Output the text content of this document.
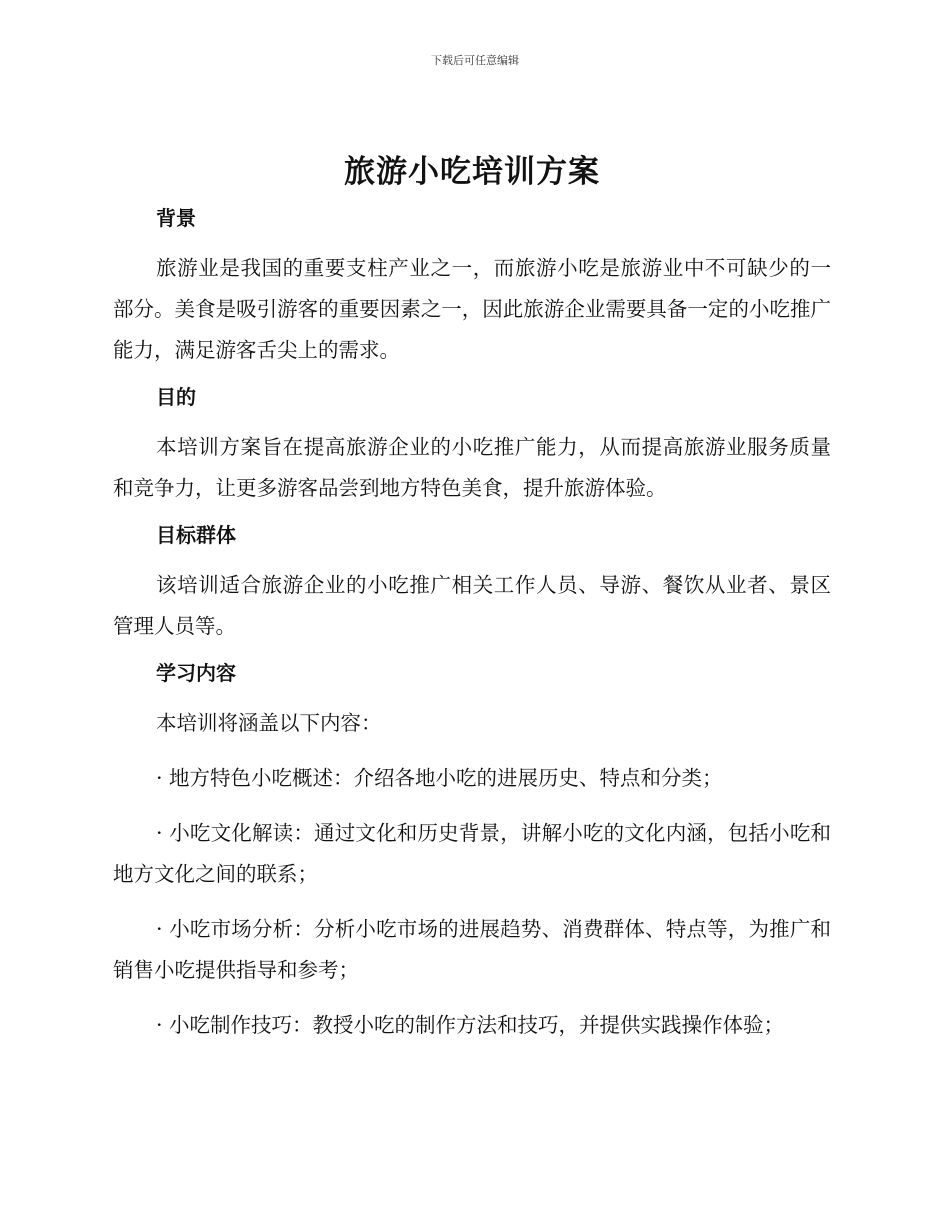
下载后可任意编辑
旅游小吃培训方案
背景

旅游业是我国的重要支柱产业之一，而旅游小吃是旅游业中不可缺少的一部分。美食是吸引游客的重要因素之一，因此旅游企业需要具备一定的小吃推广能力，满足游客舌尖上的需求。

目的

本培训方案旨在提高旅游企业的小吃推广能力，从而提高旅游业服务质量和竞争力，让更多游客品尝到地方特色美食，提升旅游体验。

目标群体

该培训适合旅游企业的小吃推广相关工作人员、导游、餐饮从业者、景区管理人员等。

学习内容

本培训将涵盖以下内容：

· 地方特色小吃概述：介绍各地小吃的进展历史、特点和分类；

· 小吃文化解读：通过文化和历史背景，讲解小吃的文化内涵，包括小吃和地方文化之间的联系；

· 小吃市场分析：分析小吃市场的进展趋势、消费群体、特点等，为推广和销售小吃提供指导和参考；

· 小吃制作技巧：教授小吃的制作方法和技巧，并提供实践操作体验；
